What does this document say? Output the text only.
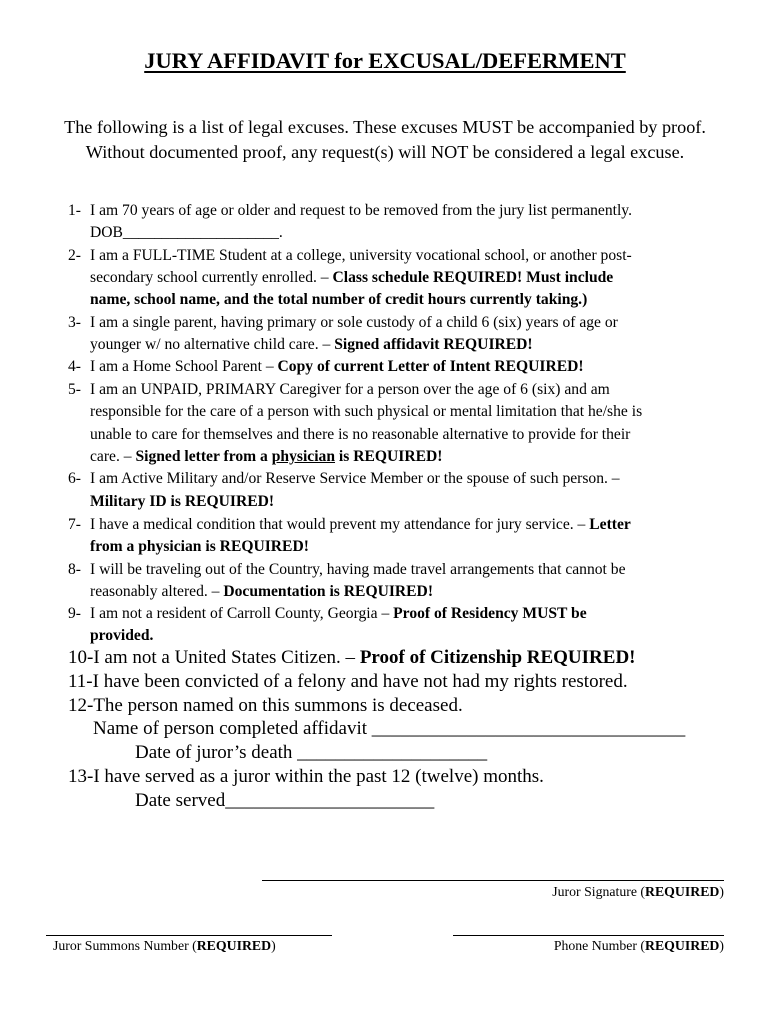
JURY AFFIDAVIT for EXCUSAL/DEFERMENT

The following is a list of legal excuses. These excuses MUST be accompanied by proof. Without documented proof, any request(s) will NOT be considered a legal excuse.

1- I am 70 years of age or older and request to be removed from the jury list permanently.
DOB____________________.
2- I am a FULL-TIME Student at a college, university vocational school, or another post-
secondary school currently enrolled. – Class schedule REQUIRED! Must include
name, school name, and the total number of credit hours currently taking.)
3- I am a single parent, having primary or sole custody of a child 6 (six) years of age or
younger w/ no alternative child care. – Signed affidavit REQUIRED!
4- I am a Home School Parent – Copy of current Letter of Intent REQUIRED!
5- I am an UNPAID, PRIMARY Caregiver for a person over the age of 6 (six) and am
responsible for the care of a person with such physical or mental limitation that he/she is
unable to care for themselves and there is no reasonable alternative to provide for their
care. – Signed letter from a physician is REQUIRED!
6- I am Active Military and/or Reserve Service Member or the spouse of such person. –
Military ID is REQUIRED!
7- I have a medical condition that would prevent my attendance for jury service. – Letter
from a physician is REQUIRED!
8- I will be traveling out of the Country, having made travel arrangements that cannot be
reasonably altered. – Documentation is REQUIRED!
9- I am not a resident of Carroll County, Georgia – Proof of Residency MUST be
provided.
10-I am not a United States Citizen. – Proof of Citizenship REQUIRED!
11-I have been convicted of a felony and have not had my rights restored.
12-The person named on this summons is deceased.
Name of person completed affidavit _________________________________
Date of juror’s death ____________________
13-I have served as a juror within the past 12 (twelve) months.
Date served______________________
Juror Signature (REQUIRED)
Juror Summons Number (REQUIRED)	Phone Number (REQUIRED)
